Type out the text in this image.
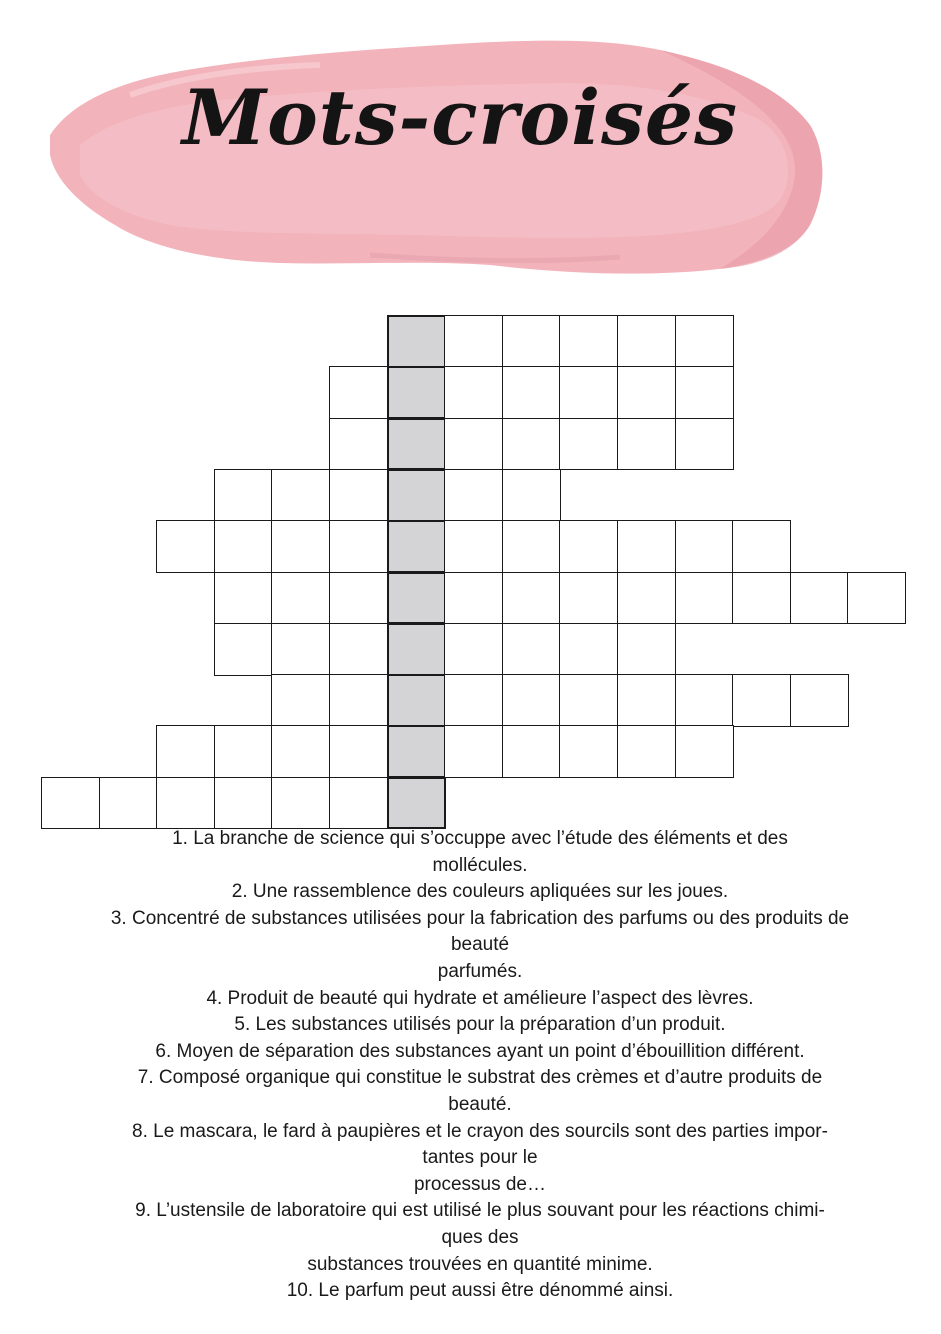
Mots-croisés
1. La branche de science qui s’occuppe avec l’étude des éléments et des
mollécules.
2. Une rassemblence des couleurs apliquées sur les joues.
3. Concentré de substances utilisées pour la fabrication des parfums ou des produits de
beauté
parfumés.
4. Produit de beauté qui hydrate et amélieure l’aspect des lèvres.
5. Les substances utilisés pour la préparation d’un produit.
6. Moyen de séparation des substances ayant un point d’ébouillition différent.
7. Composé organique qui constitue le substrat des crèmes et d’autre produits de
beauté.
8. Le mascara, le fard à paupières et le crayon des sourcils sont des parties impor-
tantes pour le
processus de…
9. L’ustensile de laboratoire qui est utilisé le plus souvant pour les réactions chimi-
ques des
substances trouvées en quantité minime.
10. Le parfum peut aussi être dénommé ainsi.
